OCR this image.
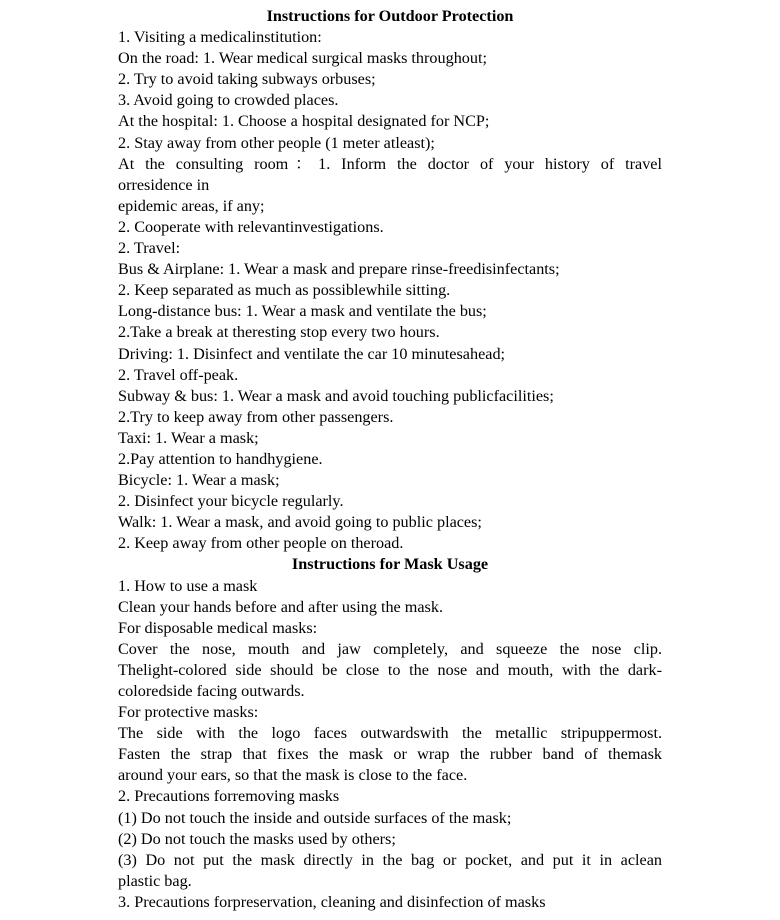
Instructions for Outdoor Protection
1. Visiting a medicalinstitution:
On the road: 1. Wear medical surgical masks throughout;
2. Try to avoid taking subways orbuses;
3. Avoid going to crowded places.
At the hospital: 1. Choose a hospital designated for NCP;
2. Stay away from other people (1 meter atleast);
At the consulting room：1. Inform the doctor of your history of travel
orresidence in
epidemic areas, if any;
2. Cooperate with relevantinvestigations.
2. Travel:
Bus & Airplane: 1. Wear a mask and prepare rinse-freedisinfectants;
2. Keep separated as much as possiblewhile sitting.
Long-distance bus: 1. Wear a mask and ventilate the bus;
2.Take a break at theresting stop every two hours.
Driving: 1. Disinfect and ventilate the car 10 minutesahead;
2. Travel off-peak.
Subway & bus: 1. Wear a mask and avoid touching publicfacilities;
2.Try to keep away from other passengers.
Taxi: 1. Wear a mask;
2.Pay attention to handhygiene.
Bicycle: 1. Wear a mask;
2. Disinfect your bicycle regularly.
Walk: 1. Wear a mask, and avoid going to public places;
2. Keep away from other people on theroad.
Instructions for Mask Usage
1. How to use a mask
Clean your hands before and after using the mask.
For disposable medical masks:
Cover the nose, mouth and jaw completely, and squeeze the nose clip.
Thelight-colored side should be close to the nose and mouth, with the dark-
coloredside facing outwards.
For protective masks:
The side with the logo faces outwardswith the metallic stripuppermost.
Fasten the strap that fixes the mask or wrap the rubber band of themask
around your ears, so that the mask is close to the face.
2. Precautions forremoving masks
(1) Do not touch the inside and outside surfaces of the mask;
(2) Do not touch the masks used by others;
(3) Do not put the mask directly in the bag or pocket, and put it in aclean
plastic bag.
3. Precautions forpreservation, cleaning and disinfection of masks
